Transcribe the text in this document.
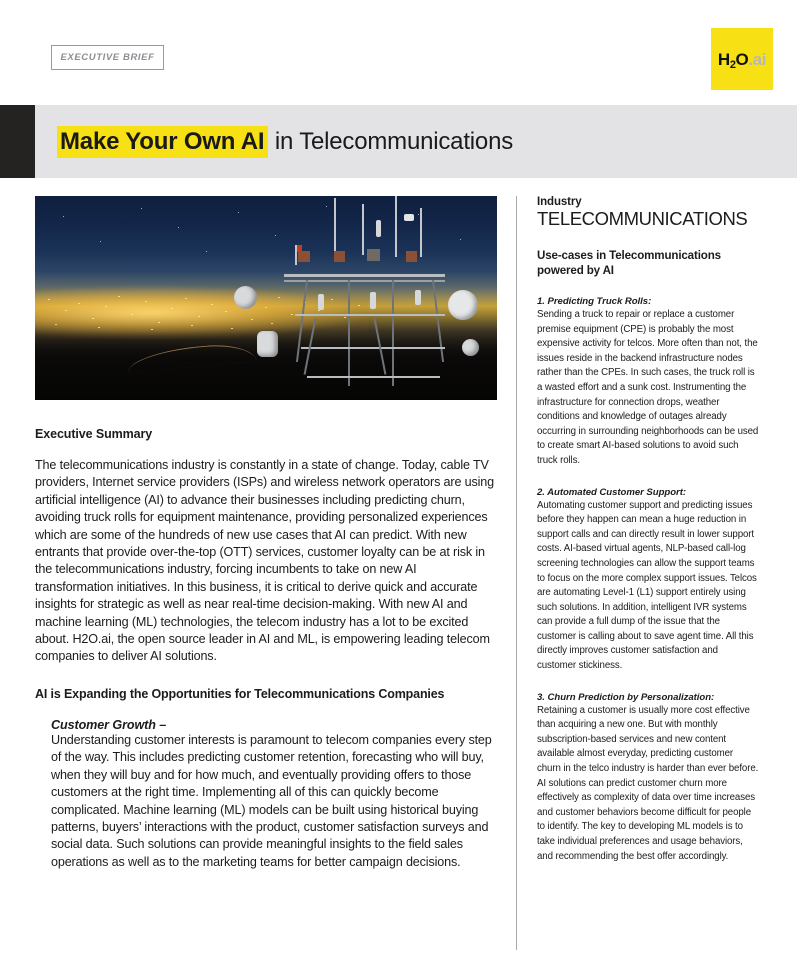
EXECUTIVE BRIEF	$H_2O.ai$
Make Your Own AI in Telecommunications
Executive Summary

The telecommunications industry is constantly in a state of change. Today, cable TV providers, Internet service providers (ISPs) and wireless network operators are using artificial intelligence (AI) to advance their businesses including predicting churn, avoiding truck rolls for equipment maintenance, providing personalized experiences which are some of the hundreds of new use cases that AI can predict. With new entrants that provide over-the-top (OTT) services, customer loyalty can be at risk in the telecommunications industry, forcing incumbents to take on new AI transformation initiatives. In this business, it is critical to derive quick and accurate insights for strategic as well as near real-time decision-making. With new AI and machine learning (ML) technologies, the telecom industry has a lot to be excited about. H2O.ai, the open source leader in AI and ML, is empowering leading telecom companies to deliver AI solutions.

AI is Expanding the Opportunities for Telecommunications Companies
Customer Growth –
Understanding customer interests is paramount to telecom companies every step of the way. This includes predicting customer retention, forecasting who will buy, when they will buy and for how much, and eventually providing offers to those customers at the right time. Implementing all of this can quickly become complicated. Machine learning (ML) models can be built using historical buying patterns, buyers’ interactions with the product, customer satisfaction surveys and social data. Such solutions can provide meaningful insights to the field sales operations as well as to the marketing teams for better campaign decisions.
Industry
TELECOMMUNICATIONS
Use-cases in Telecommunications powered by AI
1. Predicting Truck Rolls:
Sending a truck to repair or replace a customer premise equipment (CPE) is probably the most expensive activity for telcos. More often than not, the issues reside in the backend infrastructure nodes rather than the CPEs. In such cases, the truck roll is a wasted effort and a sunk cost. Instrumenting the infrastructure for connection drops, weather conditions and knowledge of outages already occurring in surrounding neighborhoods can be used to create smart AI-based solutions to avoid such truck rolls.
2. Automated Customer Support:
Automating customer support and predicting issues before they happen can mean a huge reduction in support calls and can directly result in lower support costs. AI-based virtual agents, NLP-based call-log screening technologies can allow the support teams to focus on the more complex support issues. Telcos are automating Level-1 (L1) support entirely using such solutions. In addition, intelligent IVR systems can provide a full dump of the issue that the customer is calling about to save agent time. All this directly improves customer satisfaction and customer stickiness.
3. Churn Prediction by Personalization:
Retaining a customer is usually more cost effective than acquiring a new one. But with monthly subscription-based services and new content available almost everyday, predicting customer churn in the telco industry is harder than ever before. AI solutions can predict customer churn more effectively as complexity of data over time increases and customer behaviors become difficult for people to identify. The key to developing ML models is to take individual preferences and usage behaviors, and recommending the best offer accordingly.
